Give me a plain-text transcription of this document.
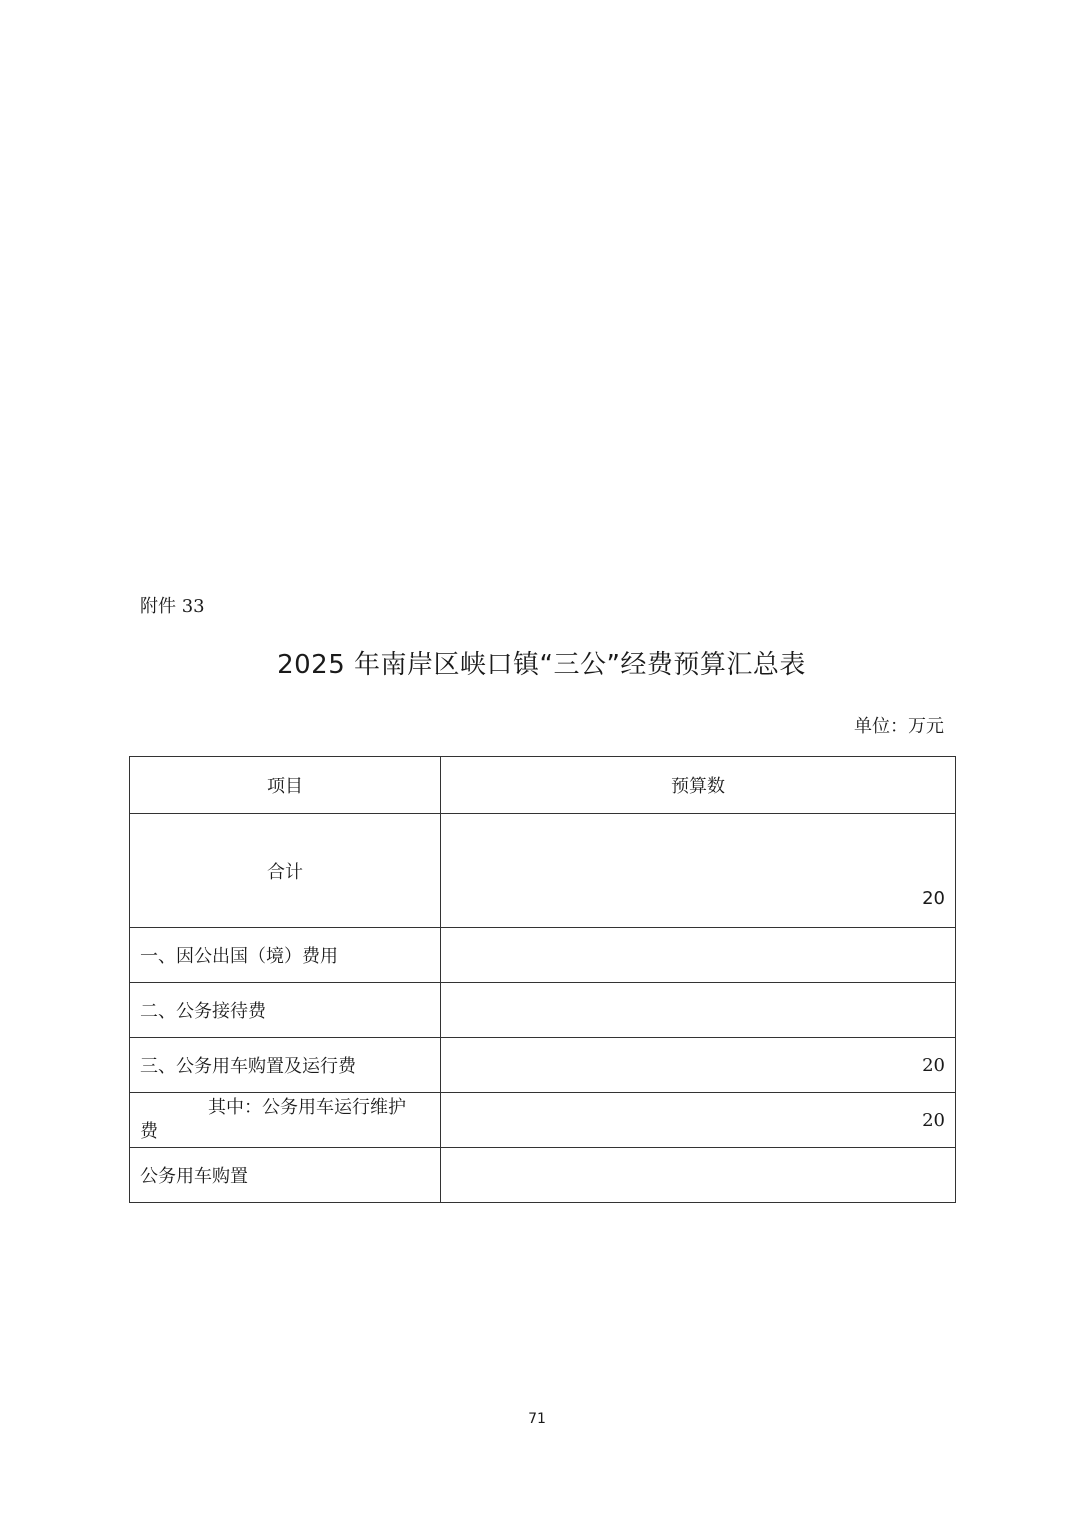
附件 33
2025 年南岸区峡口镇“三公”经费预算汇总表
单位：万元
项目	预算数
合计	20
一、因公出国（境）费用	
二、公务接待费	
三、公务用车购置及运行费	20

其中：公务用车运行维护
费	20
公务用车购置	
71
